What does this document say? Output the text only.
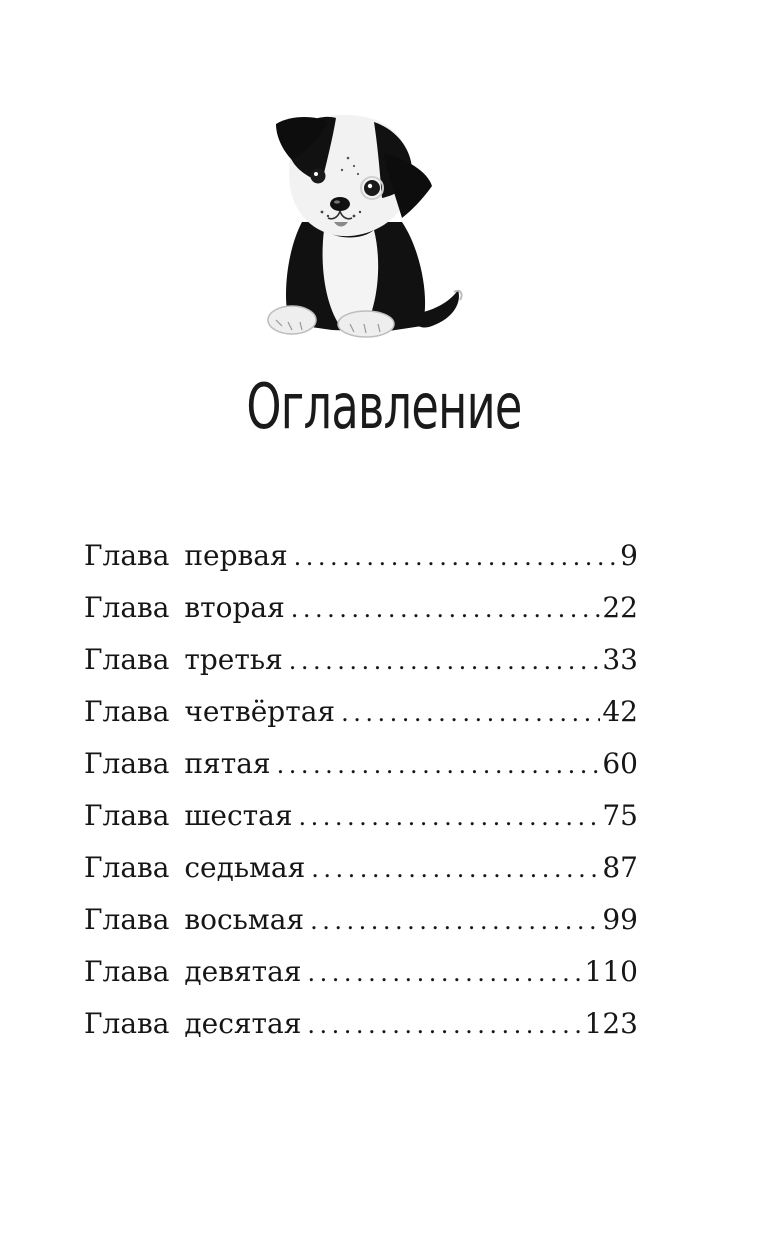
Оглавление
Глава первая .....	9
Глава вторая .....	22
Глава третья .....	33
Глава четвёртая .....	42
Глава пятая .....	60
Глава шестая .....	75
Глава седьмая .....	87
Глава восьмая .....	99
Глава девятая .....	110
Глава десятая .....	123
